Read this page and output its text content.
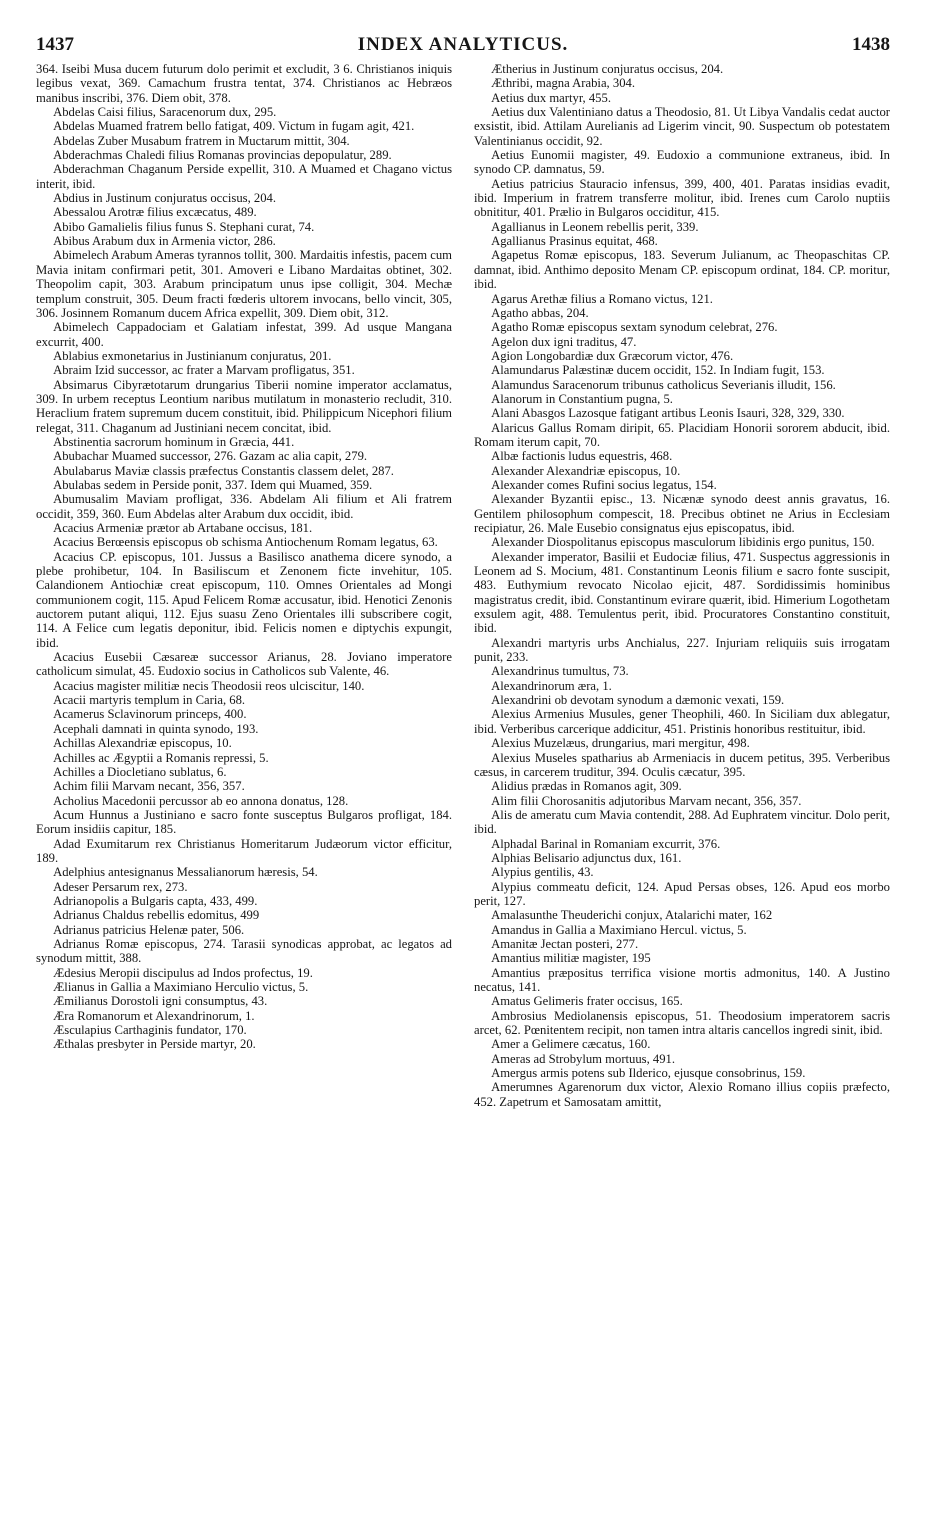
1437	INDEX ANALYTICUS.	1438

364. Iseibi Musa ducem futurum dolo perimit et excludit, 3 6. Christianos iniquis legibus vexat, 369. Camachum frustra tentat, 374. Christianos ac Hebræos manibus inscribi, 376. Diem obit, 378.

Abdelas Caisi filius, Saracenorum dux, 295.

Abdelas Muamed fratrem bello fatigat, 409. Victum in fugam agit, 421.

Abdelas Zuber Musabum fratrem in Muctarum mittit, 304.

Abderachmas Chaledi filius Romanas provincias depopulatur, 289.

Abderachman Chaganum Perside expellit, 310. A Muamed et Chagano victus interit, ibid.

Abdius in Justinum conjuratus occisus, 204.

Abessalou Arotræ filius excæcatus, 489.

Abibo Gamalielis filius funus S. Stephani curat, 74.

Abibus Arabum dux in Armenia victor, 286.

Abimelech Arabum Ameras tyrannos tollit, 300. Mardaitis infestis, pacem cum Mavia initam confirmari petit, 301. Amoveri e Libano Mardaitas obtinet, 302. Theopolim capit, 303. Arabum principatum unus ipse colligit, 304. Mechæ templum construit, 305. Deum fracti fœderis ultorem invocans, bello vincit, 305, 306. Josinnem Romanum ducem Africa expellit, 309. Diem obit, 312.

Abimelech Cappadociam et Galatiam infestat, 399. Ad usque Mangana excurrit, 400.

Ablabius exmonetarius in Justinianum conjuratus, 201.

Abraim Izid successor, ac frater a Marvam profligatus, 351.

Absimarus Cibyrætotarum drungarius Tiberii nomine imperator acclamatus, 309. In urbem receptus Leontium naribus mutilatum in monasterio recludit, 310. Heraclium fratem supremum ducem constituit, ibid. Philippicum Nicephori filium relegat, 311. Chaganum ad Justiniani necem concitat, ibid.

Abstinentia sacrorum hominum in Græcia, 441.

Abubachar Muamed successor, 276. Gazam ac alia capit, 279.

Abulabarus Maviæ classis præfectus Constantis classem delet, 287.

Abulabas sedem in Perside ponit, 337. Idem qui Muamed, 359.

Abumusalim Maviam profligat, 336. Abdelam Ali filium et Ali fratrem occidit, 359, 360. Eum Abdelas alter Arabum dux occidit, ibid.

Acacius Armeniæ prætor ab Artabane occisus, 181.

Acacius Berœensis episcopus ob schisma Antiochenum Romam legatus, 63.

Acacius CP. episcopus, 101. Jussus a Basilisco anathema dicere synodo, a plebe prohibetur, 104. In Basiliscum et Zenonem ficte invehitur, 105. Calandionem Antiochiæ creat episcopum, 110. Omnes Orientales ad Mongi communionem cogit, 115. Apud Felicem Romæ accusatur, ibid. Henotici Zenonis auctorem putant aliqui, 112. Ejus suasu Zeno Orientales illi subscribere cogit, 114. A Felice cum legatis deponitur, ibid. Felicis nomen e diptychis expungit, ibid.

Acacius Eusebii Cæsareæ successor Arianus, 28. Joviano imperatore catholicum simulat, 45. Eudoxio socius in Catholicos sub Valente, 46.

Acacius magister militiæ necis Theodosii reos ulciscitur, 140.

Acacii martyris templum in Caria, 68.

Acamerus Sclavinorum princeps, 400.

Acephali damnati in quinta synodo, 193.

Achillas Alexandriæ episcopus, 10.

Achilles ac Ægyptii a Romanis repressi, 5.

Achilles a Diocletiano sublatus, 6.

Achim filii Marvam necant, 356, 357.

Acholius Macedonii percussor ab eo annona donatus, 128.

Acum Hunnus a Justiniano e sacro fonte susceptus Bulgaros profligat, 184. Eorum insidiis capitur, 185.

Adad Exumitarum rex Christianus Homeritarum Judæorum victor efficitur, 189.

Adelphius antesignanus Messalianorum hæresis, 54.

Adeser Persarum rex, 273.

Adrianopolis a Bulgaris capta, 433, 499.

Adrianus Chaldus rebellis edomitus, 499

Adrianus patricius Helenæ pater, 506.

Adrianus Romæ episcopus, 274. Tarasii synodicas approbat, ac legatos ad synodum mittit, 388.

Ædesius Meropii discipulus ad Indos profectus, 19.

Ælianus in Gallia a Maximiano Herculio victus, 5.

Æmilianus Dorostoli igni consumptus, 43.

Æra Romanorum et Alexandrinorum, 1.

Æsculapius Carthaginis fundator, 170.

Æthalas presbyter in Perside martyr, 20.

Ætherius in Justinum conjuratus occisus, 204.

Æthribi, magna Arabia, 304.

Aetius dux martyr, 455.

Aetius dux Valentiniano datus a Theodosio, 81. Ut Libya Vandalis cedat auctor exsistit, ibid. Attilam Aurelianis ad Ligerim vincit, 90. Suspectum ob potestatem Valentinianus occidit, 92.

Aetius Eunomii magister, 49. Eudoxio a communione extraneus, ibid. In synodo CP. damnatus, 59.

Aetius patricius Stauracio infensus, 399, 400, 401. Paratas insidias evadit, ibid. Imperium in fratrem transferre molitur, ibid. Irenes cum Carolo nuptiis obnititur, 401. Prælio in Bulgaros occiditur, 415.

Agallianus in Leonem rebellis perit, 339.

Agallianus Prasinus equitat, 468.

Agapetus Romæ episcopus, 183. Severum Julianum, ac Theopaschitas CP. damnat, ibid. Anthimo deposito Menam CP. episcopum ordinat, 184. CP. moritur, ibid.

Agarus Arethæ filius a Romano victus, 121.

Agatho abbas, 204.

Agatho Romæ episcopus sextam synodum celebrat, 276.

Agelon dux igni traditus, 47.

Agion Longobardiæ dux Græcorum victor, 476.

Alamundarus Palæstinæ ducem occidit, 152. In Indiam fugit, 153.

Alamundus Saracenorum tribunus catholicus Severianis illudit, 156.

Alanorum in Constantium pugna, 5.

Alani Abasgos Lazosque fatigant artibus Leonis Isauri, 328, 329, 330.

Alaricus Gallus Romam diripit, 65. Placidiam Honorii sororem abducit, ibid. Romam iterum capit, 70.

Albæ factionis ludus equestris, 468.

Alexander Alexandriæ episcopus, 10.

Alexander comes Rufini socius legatus, 154.

Alexander Byzantii episc., 13. Nicænæ synodo deest annis gravatus, 16. Gentilem philosophum compescit, 18. Precibus obtinet ne Arius in Ecclesiam recipiatur, 26. Male Eusebio consignatus ejus episcopatus, ibid.

Alexander Diospolitanus episcopus masculorum libidinis ergo punitus, 150.

Alexander imperator, Basilii et Eudociæ filius, 471. Suspectus aggressionis in Leonem ad S. Mocium, 481. Constantinum Leonis filium e sacro fonte suscipit, 483. Euthymium revocato Nicolao ejicit, 487. Sordidissimis hominibus magistratus credit, ibid. Constantinum evirare quærit, ibid. Himerium Logothetam exsulem agit, 488. Temulentus perit, ibid. Procuratores Constantino constituit, ibid.

Alexandri martyris urbs Anchialus, 227. Injuriam reliquiis suis irrogatam punit, 233.

Alexandrinus tumultus, 73.

Alexandrinorum æra, 1.

Alexandrini ob devotam synodum a dæmonic vexati, 159.

Alexius Armenius Musules, gener Theophili, 460. In Siciliam dux ablegatur, ibid. Verberibus carcerique addicitur, 451. Pristinis honoribus restituitur, ibid.

Alexius Muzelæus, drungarius, mari mergitur, 498.

Alexius Museles spatharius ab Armeniacis in ducem petitus, 395. Verberibus cæsus, in carcerem truditur, 394. Oculis cæcatur, 395.

Alidius prædas in Romanos agit, 309.

Alim filii Chorosanitis adjutoribus Marvam necant, 356, 357.

Alis de ameratu cum Mavia contendit, 288. Ad Euphratem vincitur. Dolo perit, ibid.

Alphadal Barinal in Romaniam excurrit, 376.

Alphias Belisario adjunctus dux, 161.

Alypius gentilis, 43.

Alypius commeatu deficit, 124. Apud Persas obses, 126. Apud eos morbo perit, 127.

Amalasunthe Theuderichi conjux, Atalarichi mater, 162

Amandus in Gallia a Maximiano Hercul. victus, 5.

Amanitæ Jectan posteri, 277.

Amantius militiæ magister, 195

Amantius præpositus terrifica visione mortis admonitus, 140. A Justino necatus, 141.

Amatus Gelimeris frater occisus, 165.

Ambrosius Mediolanensis episcopus, 51. Theodosium imperatorem sacris arcet, 62. Pœnitentem recipit, non tamen intra altaris cancellos ingredi sinit, ibid.

Amer a Gelimere cæcatus, 160.

Ameras ad Strobylum mortuus, 491.

Amergus armis potens sub Ilderico, ejusque consobrinus, 159.

Amerumnes Agarenorum dux victor, Alexio Romano illius copiis præfecto, 452. Zapetrum et Samosatam amittit,
